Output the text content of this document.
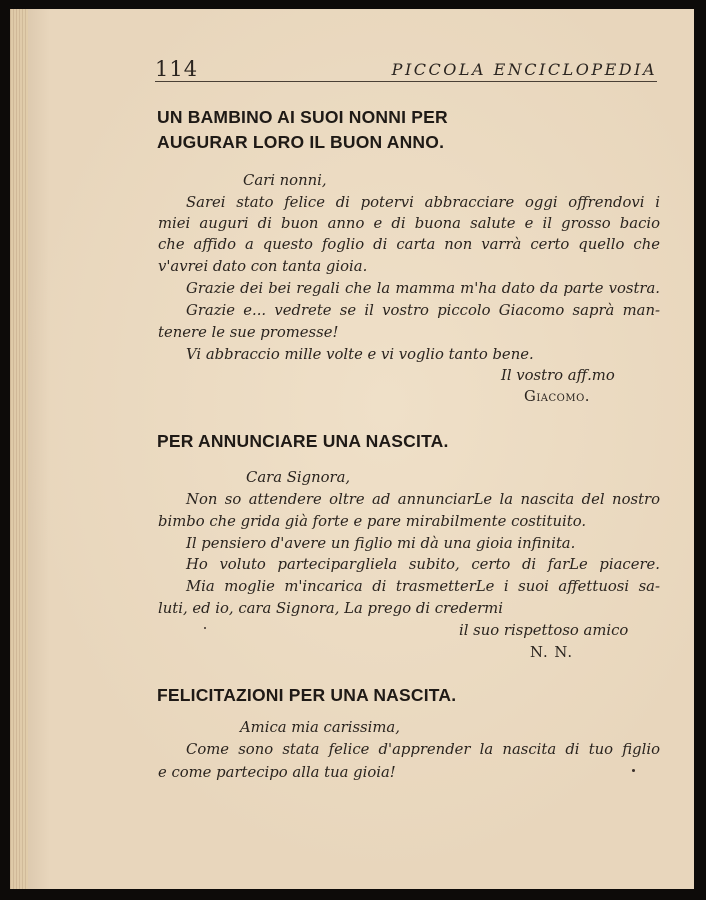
114	PICCOLA ENCICLOPEDIA
UN BAMBINO AI SUOI NONNI PER
AUGURAR LORO IL BUON ANNO.
Cari nonni,
Sarei stato felice di potervi abbracciare oggi offrendovi i
miei auguri di buon anno e di buona salute e il grosso bacio
che affido a questo foglio di carta non varrà certo quello che
v'avrei dato con tanta gioia.
Grazie dei bei regali che la mamma m'ha dato da parte vostra.
Grazie e... vedrete se il vostro piccolo Giacomo saprà man-
tenere le sue promesse!
Vi abbraccio mille volte e vi voglio tanto bene.
Il vostro aff.mo
Giacomo.
PER ANNUNCIARE UNA NASCITA.
Cara Signora,
Non so attendere oltre ad annunciarLe la nascita del nostro
bimbo che grida già forte e pare mirabilmente costituito.
Il pensiero d'avere un figlio mi dà una gioia infinita.
Ho voluto parteciparglielа subito, certo di farLe piacere.
Mia moglie m'incarica di trasmetterLe i suoi affettuosi sa-
luti, ed io, cara Signora, La prego di credermi
il suo rispettoso amico
N. N.
FELICITAZIONI PER UNA NASCITA.
Amica mia carissima,
Come sono stata felice d'apprender la nascita di tuo figlio
e come partecipo alla tua gioia!
